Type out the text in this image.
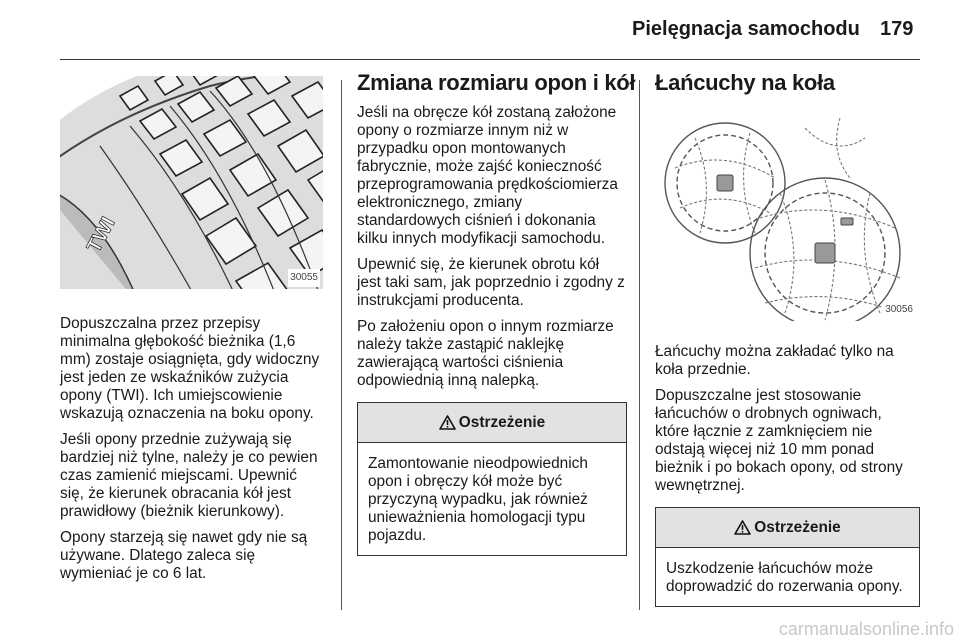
Pielęgnacja samochodu 179
TWI
30055

Dopuszczalna przez przepisy minimalna głębokość bieżnika (1,6 mm) zostaje osiągnięta, gdy widoczny jest jeden ze wskaźników zużycia opony (TWI). Ich umiejscowienie wskazują oznaczenia na boku opony.

Jeśli opony przednie zużywają się bardziej niż tylne, należy je co pewien czas zamienić miejscami. Upewnić się, że kierunek obracania kół jest prawidłowy (bieżnik kierunkowy).

Opony starzeją się nawet gdy nie są używane. Dlatego zaleca się wymieniać je co 6 lat.

Zmiana rozmiaru opon i kół

Jeśli na obręcze kół zostaną założone opony o rozmiarze innym niż w przypadku opon montowanych fabrycznie, może zajść konieczność przeprogramowania prędkościomierza elektronicznego, zmiany standardowych ciśnień i dokonania kilku innych modyfikacji samochodu.

Upewnić się, że kierunek obrotu kół jest taki sam, jak poprzednio i zgodny z instrukcjami producenta.

Po założeniu opon o innym rozmiarze należy także zastąpić naklejkę zawierającą wartości ciśnienia odpowiednią inną nalepką.

Ostrzeżenie
Zamontowanie nieodpowiednich opon i obręczy kół może być przyczyną wypadku, jak również unieważnienia homologacji typu pojazdu.
Łańcuchy na koła
30056

Łańcuchy można zakładać tylko na koła przednie.

Dopuszczalne jest stosowanie łańcuchów o drobnych ogniwach, które łącznie z zamknięciem nie odstają więcej niż 10 mm ponad bieżnik i po bokach opony, od strony wewnętrznej.

Ostrzeżenie
Uszkodzenie łańcuchów może doprowadzić do rozerwania opony.
carmanualsonline.info
